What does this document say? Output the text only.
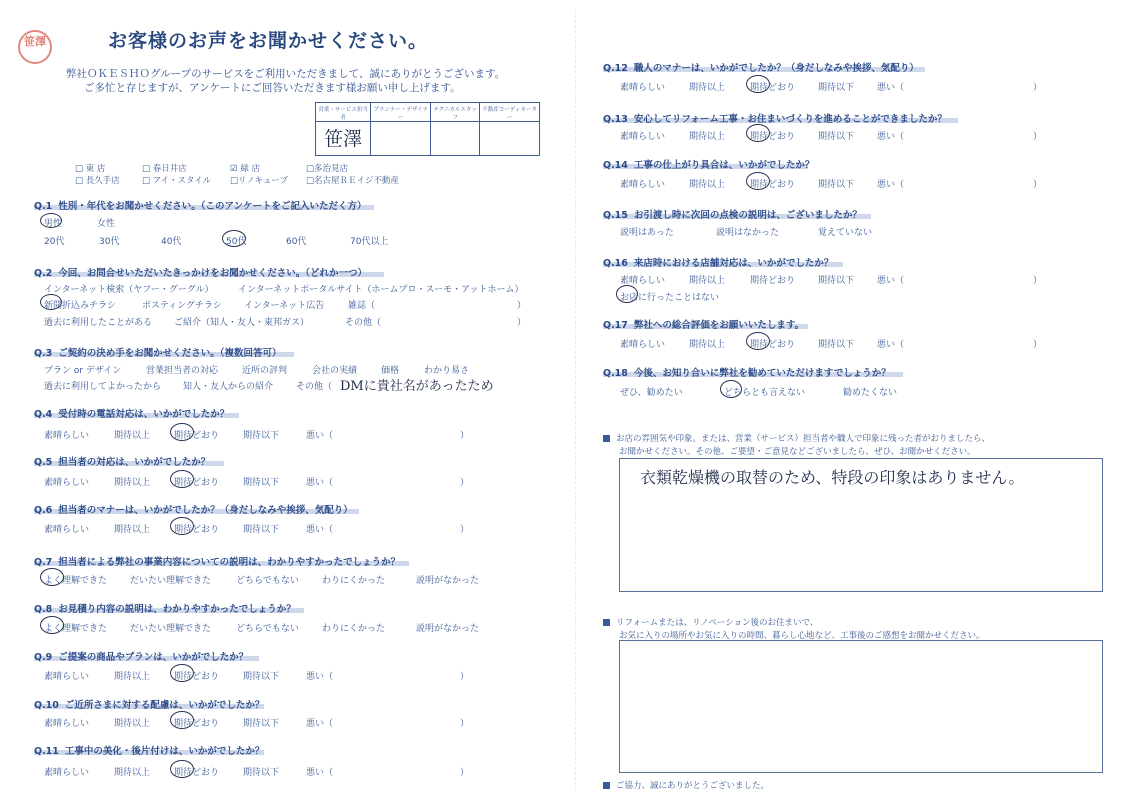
笹澤	お客様のお声をお聞かせください。
弊社ＯＫＥＳＨＯグループのサービスをご利用いただきまして、誠にありがとうございます。
ご多忙と存じますが、アンケートにご回答いただきます様お願い申し上げます。
営業・サービス担当者	プランナー・デザイナー	テクニカルスタッフ	不動産コーディネーター
笹澤			
□ 東 店	□ 春日井店	☑ 緑 店	□多治見店
□ 長久手店	□ アイ・スタイル □リノキューブ □名古屋ＲＥイジ不動産
Q.1 性別・年代をお聞かせください。（このアンケートをご記入いただく方）
男性	女性
20代	30代	40代	50代	60代	70代以上
Q.2 今回、お問合せいただいたきっかけをお聞かせください。（どれか一つ）
インターネット検索（ヤフー・グーグル）	インターネットポータルサイト（ホームプロ・スーモ・アットホーム）
新聞折込みチラシ	ポスティングチラシ インターネット広告	雑誌（	）
過去に利用したことがある ご紹介（知人・友人・東邦ガス）	その他（	）
Q.3 ご契約の決め手をお聞かせください。（複数回答可）
プラン or デザイン	営業担当者の対応	近所の評判	会社の実績	価格	わかり易さ
過去に利用してよかったから 知人・友人からの紹介	その他（ DMに貴社名があったため
Q.4 受付時の電話対応は、いかがでしたか？
素晴らしい	期待以上	期待どおり	期待以下	悪い（	）
Q.5 担当者の対応は、いかがでしたか？
素晴らしい	期待以上	期待どおり	期待以下	悪い（	）
Q.6 担当者のマナーは、いかがでしたか？（身だしなみや挨拶、気配り）
素晴らしい	期待以上	期待どおり	期待以下	悪い（	）
Q.7 担当者による弊社の事業内容についての説明は、わかりやすかったでしょうか？
よく理解できた	だいたい理解できた	どちらでもない	わりにくかった	説明がなかった
Q.8 お見積り内容の説明は、わかりやすかったでしょうか？
よく理解できた	だいたい理解できた	どちらでもない	わりにくかった	説明がなかった
Q.9 ご提案の商品やプランは、いかがでしたか？
素晴らしい	期待以上	期待どおり	期待以下	悪い（	）
Q.10 ご近所さまに対する配慮は、いかがでしたか？
素晴らしい	期待以上	期待どおり	期待以下	悪い（	）
Q.11 工事中の美化・後片付けは、いかがでしたか？
素晴らしい	期待以上	期待どおり	期待以下	悪い（	）
Q.12 職人のマナーは、いかがでしたか？（身だしなみや挨拶、気配り）
素晴らしい	期待以上	期待どおり	期待以下	悪い（	）
Q.13 安心してリフォーム工事・お住まいづくりを進めることができましたか？
素晴らしい	期待以上	期待どおり	期待以下	悪い（	）
Q.14 工事の仕上がり具合は、いかがでしたか？
素晴らしい	期待以上	期待どおり	期待以下	悪い（	）
Q.15 お引渡し時に次回の点検の説明は、ございましたか？
説明はあった	説明はなかった	覚えていない
Q.16 来店時における店舗対応は、いかがでしたか？
素晴らしい	期待以上	期待どおり	期待以下	悪い（	）
お店に行ったことはない
Q.17 弊社への総合評価をお願いいたします。
素晴らしい	期待以上	期待どおり	期待以下	悪い（	）
Q.18 今後、お知り合いに弊社を勧めていただけますでしょうか？
ぜひ、勧めたい	どちらとも言えない	勧めたくない
お店の雰囲気や印象。または、営業（サービス）担当者や職人で印象に残った者がおりましたら、
お聞かせください。その他、ご要望・ご意見などございましたら、ぜひ、お聞かせください。
衣類乾燥機の取替のため、特段の印象はありません。
リフォームまたは、リノベーション後のお住まいで、
お気に入りの場所やお気に入りの時間、暮らし心地など、工事後のご感想をお聞かせください。
ご協力、誠にありがとうございました。
